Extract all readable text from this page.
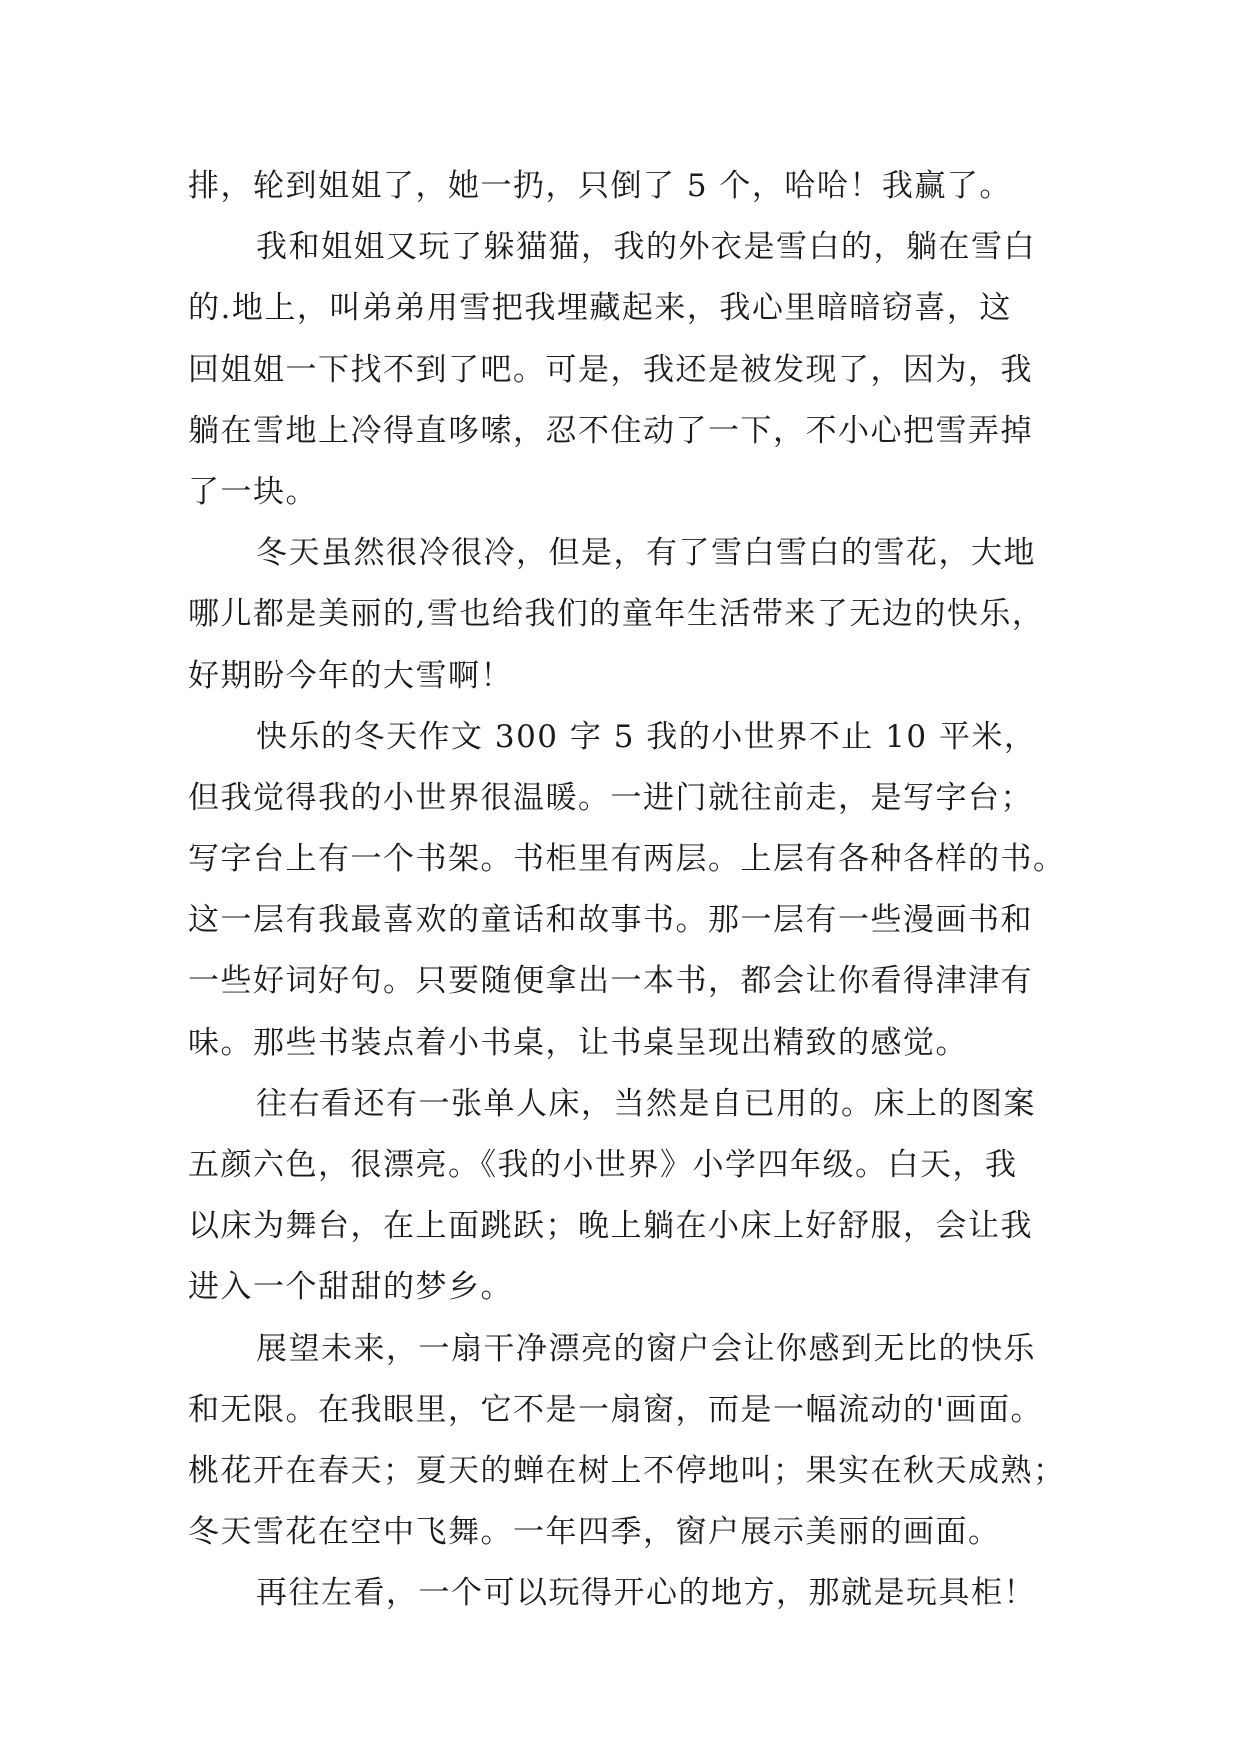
排，轮到姐姐了，她一扔，只倒了 5 个，哈哈！我赢了。
我和姐姐又玩了躲猫猫，我的外衣是雪白的，躺在雪白
的.地上，叫弟弟用雪把我埋藏起来，我心里暗暗窃喜，这
回姐姐一下找不到了吧。可是，我还是被发现了，因为，我
躺在雪地上冷得直哆嗦，忍不住动了一下，不小心把雪弄掉
了一块。
冬天虽然很冷很冷，但是，有了雪白雪白的雪花，大地
哪儿都是美丽的,雪也给我们的童年生活带来了无边的快乐，
好期盼今年的大雪啊！
快乐的冬天作文 300 字 5 我的小世界不止 10 平米，
但我觉得我的小世界很温暖。一进门就往前走，是写字台；
写字台上有一个书架。书柜里有两层。上层有各种各样的书。
这一层有我最喜欢的童话和故事书。那一层有一些漫画书和
一些好词好句。只要随便拿出一本书，都会让你看得津津有
味。那些书装点着小书桌，让书桌呈现出精致的感觉。
往右看还有一张单人床，当然是自已用的。床上的图案
五颜六色，很漂亮。《我的小世界》小学四年级。白天，我
以床为舞台，在上面跳跃；晚上躺在小床上好舒服，会让我
进入一个甜甜的梦乡。
展望未来，一扇干净漂亮的窗户会让你感到无比的快乐
和无限。在我眼里，它不是一扇窗，而是一幅流动的'画面。
桃花开在春天；夏天的蝉在树上不停地叫；果实在秋天成熟；
冬天雪花在空中飞舞。一年四季，窗户展示美丽的画面。
再往左看，一个可以玩得开心的地方，那就是玩具柜！
